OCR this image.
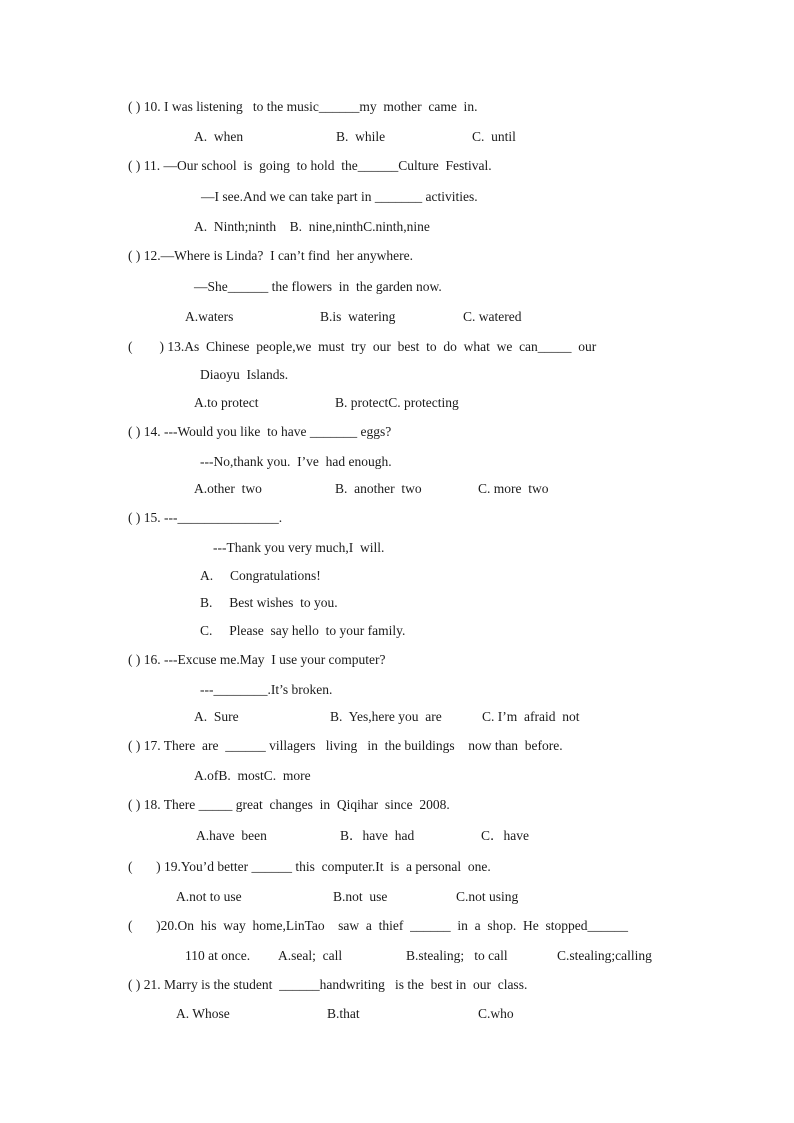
( ) 10. I was listening   to the music______my  mother  came  in.
A.  when	B.  while	C.  until
( ) 11. —Our school  is  going  to hold  the______Culture  Festival.
—I see.And we can take part in _______ activities.
A.  Ninth;ninth    B.  nine,ninthC.ninth,nine
( ) 12.—Where is Linda?  I can’t find  her anywhere.
—She______ the flowers  in  the garden now.
A.waters	B.is  watering	C. watered
(        ) 13.As  Chinese  people,we  must  try  our  best  to  do  what  we  can_____  our
Diaoyu  Islands.
A.to protect	B. protectC. protecting
( ) 14. ---Would you like  to have _______ eggs?
---No,thank you.  I’ve  had enough.
A.other  two	B.  another  two	C. more  two
( ) 15. ---_______________.
---Thank you very much,I  will.
A.     Congratulations!
B.     Best wishes  to you.
C.     Please  say hello  to your family.
( ) 16. ---Excuse me.May  I use your computer?
---________.It’s broken.
A.  Sure	B.  Yes,here you  are	C. I’m  afraid  not
( ) 17. There  are  ______ villagers   living   in  the buildings    now than  before.
A.ofB.  mostC.  more
( ) 18. There _____ great  changes  in  Qiqihar  since  2008.
A.have  been	B．have  had	C．have
(       ) 19.You’d better ______ this  computer.It  is  a personal  one.
A.not to use	B.not  use	C.not using
(       )20.On  his  way  home,LinTao    saw  a  thief  ______  in  a  shop.  He  stopped______
110 at once. A.seal;  call	B.stealing;   to call	C.stealing;calling
( ) 21. Marry is the student  ______handwriting   is the  best in  our  class.
A. Whose	B.that	C.who
